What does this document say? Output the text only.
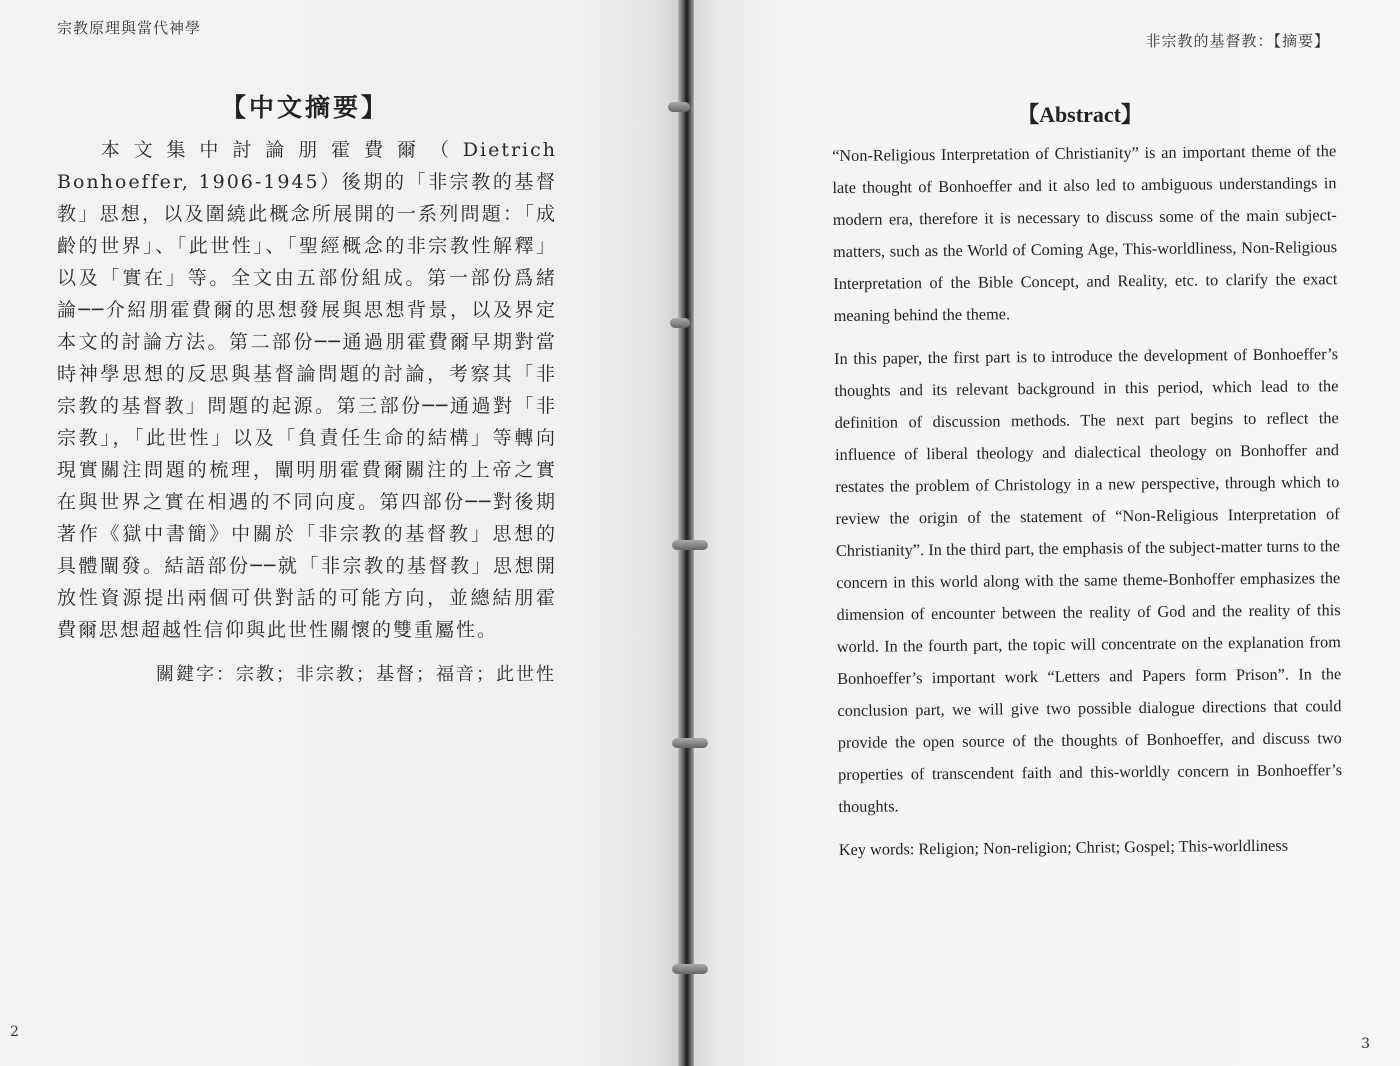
宗教原理與當代神學
【中文摘要】
本文集中討論朋霍費爾（Dietrich Bonhoeffer, 1906-1945）後期的「非宗教的基督教」思想，以及圍繞此概念所展開的一系列問題：「成齡的世界」、「此世性」、「聖經概念的非宗教性解釋」以及「實在」等。全文由五部份組成。第一部份爲緒論──介紹朋霍費爾的思想發展與思想背景，以及界定本文的討論方法。第二部份──通過朋霍費爾早期對當時神學思想的反思與基督論問題的討論，考察其「非宗教的基督教」問題的起源。第三部份──通過對「非宗教」，「此世性」以及「負責任生命的結構」等轉向現實關注問題的梳理，闡明朋霍費爾關注的上帝之實在與世界之實在相遇的不同向度。第四部份──對後期著作《獄中書簡》中關於「非宗教的基督教」思想的具體闡發。結語部份──就「非宗教的基督教」思想開放性資源提出兩個可供對話的可能方向，並總結朋霍費爾思想超越性信仰與此世性關懷的雙重屬性。
關鍵字：宗教；非宗教；基督；福音；此世性
2
非宗教的基督教：【摘要】
【Abstract】

“Non-Religious Interpretation of Christianity” is an important theme of the late thought of Bonhoeffer and it also led to ambiguous understandings in modern era, therefore it is necessary to discuss some of the main subject-matters, such as the World of Coming Age, This-worldliness, Non-Religious Interpretation of the Bible Concept, and Reality, etc. to clarify the exact meaning behind the theme.

In this paper, the first part is to introduce the development of Bonhoeffer’s thoughts and its relevant background in this period, which lead to the definition of discussion methods. The next part begins to reflect the influence of liberal theology and dialectical theology on Bonhoffer and restates the problem of Christology in a new perspective, through which to review the origin of the statement of “Non-Religious Interpretation of Christianity”. In the third part, the emphasis of the subject-matter turns to the concern in this world along with the same theme-Bonhoffer emphasizes the dimension of encounter between the reality of God and the reality of this world. In the fourth part, the topic will concentrate on the explanation from Bonhoeffer’s important work “Letters and Papers form Prison”. In the conclusion part, we will give two possible dialogue directions that could provide the open source of the thoughts of Bonhoeffer, and discuss two properties of transcendent faith and this-worldly concern in Bonhoeffer’s thoughts.

Key words: Religion; Non-religion; Christ; Gospel; This-worldliness

3
